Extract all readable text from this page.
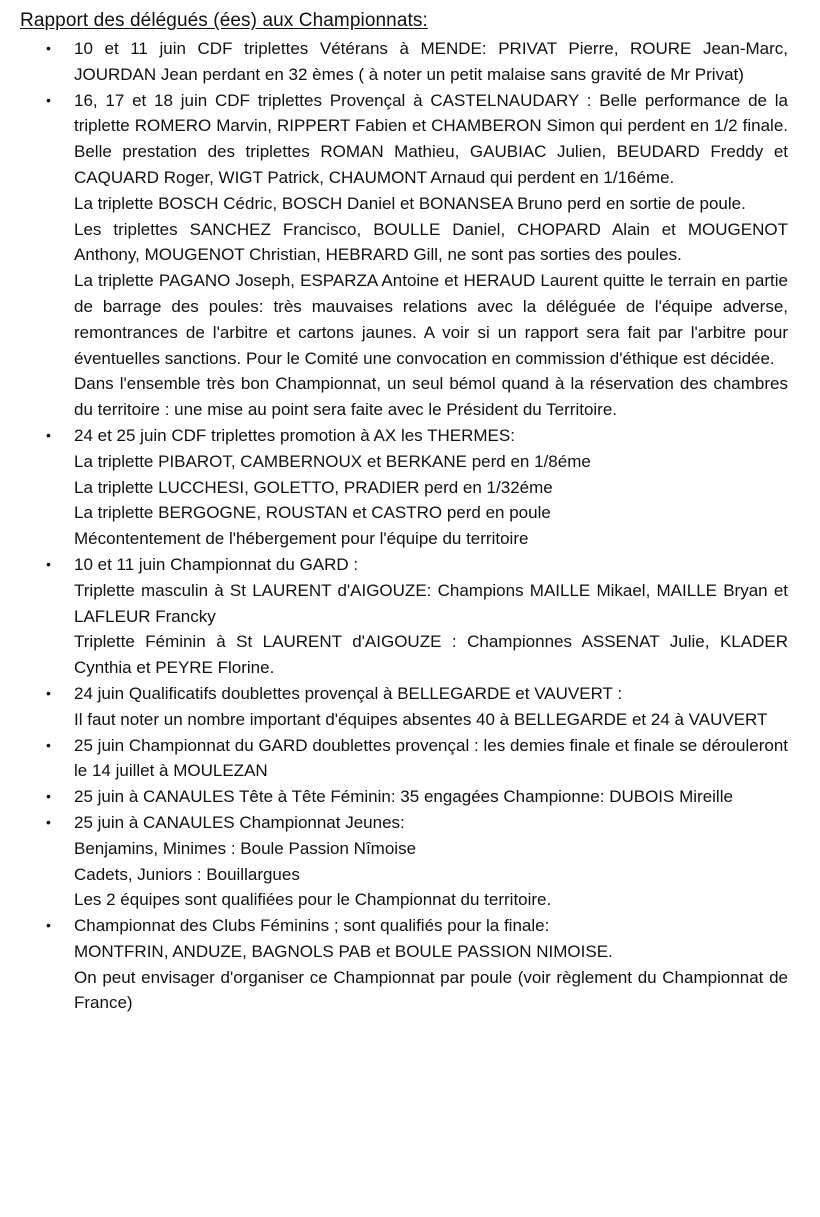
Rapport des délégués (ées) aux Championnats:
• 10 et 11 juin CDF triplettes Vétérans à MENDE: PRIVAT Pierre, ROURE Jean-Marc, JOURDAN Jean perdant en 32 èmes ( à noter un petit malaise sans gravité de Mr Privat)
• 16, 17 et 18 juin CDF triplettes Provençal à CASTELNAUDARY : Belle performance de la triplette ROMERO Marvin, RIPPERT Fabien et CHAMBERON Simon qui perdent en 1/2 finale. Belle prestation des triplettes ROMAN Mathieu, GAUBIAC Julien, BEUDARD Freddy et CAQUARD Roger, WIGT Patrick, CHAUMONT Arnaud qui perdent en 1/16éme.
La triplette BOSCH Cédric, BOSCH Daniel et BONANSEA Bruno perd en sortie de poule.
Les triplettes SANCHEZ Francisco, BOULLE Daniel, CHOPARD Alain et MOUGENOT Anthony, MOUGENOT Christian, HEBRARD Gill, ne sont pas sorties des poules.
La triplette PAGANO Joseph, ESPARZA Antoine et HERAUD Laurent quitte le terrain en partie de barrage des poules: très mauvaises relations avec la déléguée de l'équipe adverse, remontrances de l'arbitre et cartons jaunes. A voir si un rapport sera fait par l'arbitre pour éventuelles sanctions. Pour le Comité une convocation en commission d'éthique est décidée.
Dans l'ensemble très bon Championnat, un seul bémol quand à la réservation des chambres du territoire : une mise au point sera faite avec le Président du Territoire.
• 24 et 25 juin CDF triplettes promotion à AX les THERMES:
La triplette PIBAROT, CAMBERNOUX et BERKANE perd en 1/8éme
La triplette LUCCHESI, GOLETTO, PRADIER perd en 1/32éme
La triplette BERGOGNE, ROUSTAN et CASTRO perd en poule
Mécontentement de l'hébergement pour l'équipe du territoire
• 10 et 11 juin Championnat du GARD :
Triplette masculin à St LAURENT d'AIGOUZE: Champions MAILLE Mikael, MAILLE Bryan et LAFLEUR Francky
Triplette Féminin à St LAURENT d'AIGOUZE : Championnes ASSENAT Julie, KLADER Cynthia et PEYRE Florine.
• 24 juin Qualificatifs doublettes provençal à BELLEGARDE et VAUVERT :
Il faut noter un nombre important d'équipes absentes 40 à BELLEGARDE et 24 à VAUVERT
• 25 juin Championnat du GARD doublettes provençal : les demies finale et finale se dérouleront le 14 juillet à MOULEZAN
• 25 juin à CANAULES Tête à Tête Féminin: 35 engagées Championne: DUBOIS Mireille
• 25 juin à CANAULES Championnat Jeunes:
Benjamins, Minimes : Boule Passion Nîmoise
Cadets, Juniors : Bouillargues
Les 2 équipes sont qualifiées pour le Championnat du territoire.
• Championnat des Clubs Féminins ; sont qualifiés pour la finale:
MONTFRIN, ANDUZE, BAGNOLS PAB et BOULE PASSION NIMOISE.
On peut envisager d'organiser ce Championnat par poule (voir règlement du Championnat de France)
